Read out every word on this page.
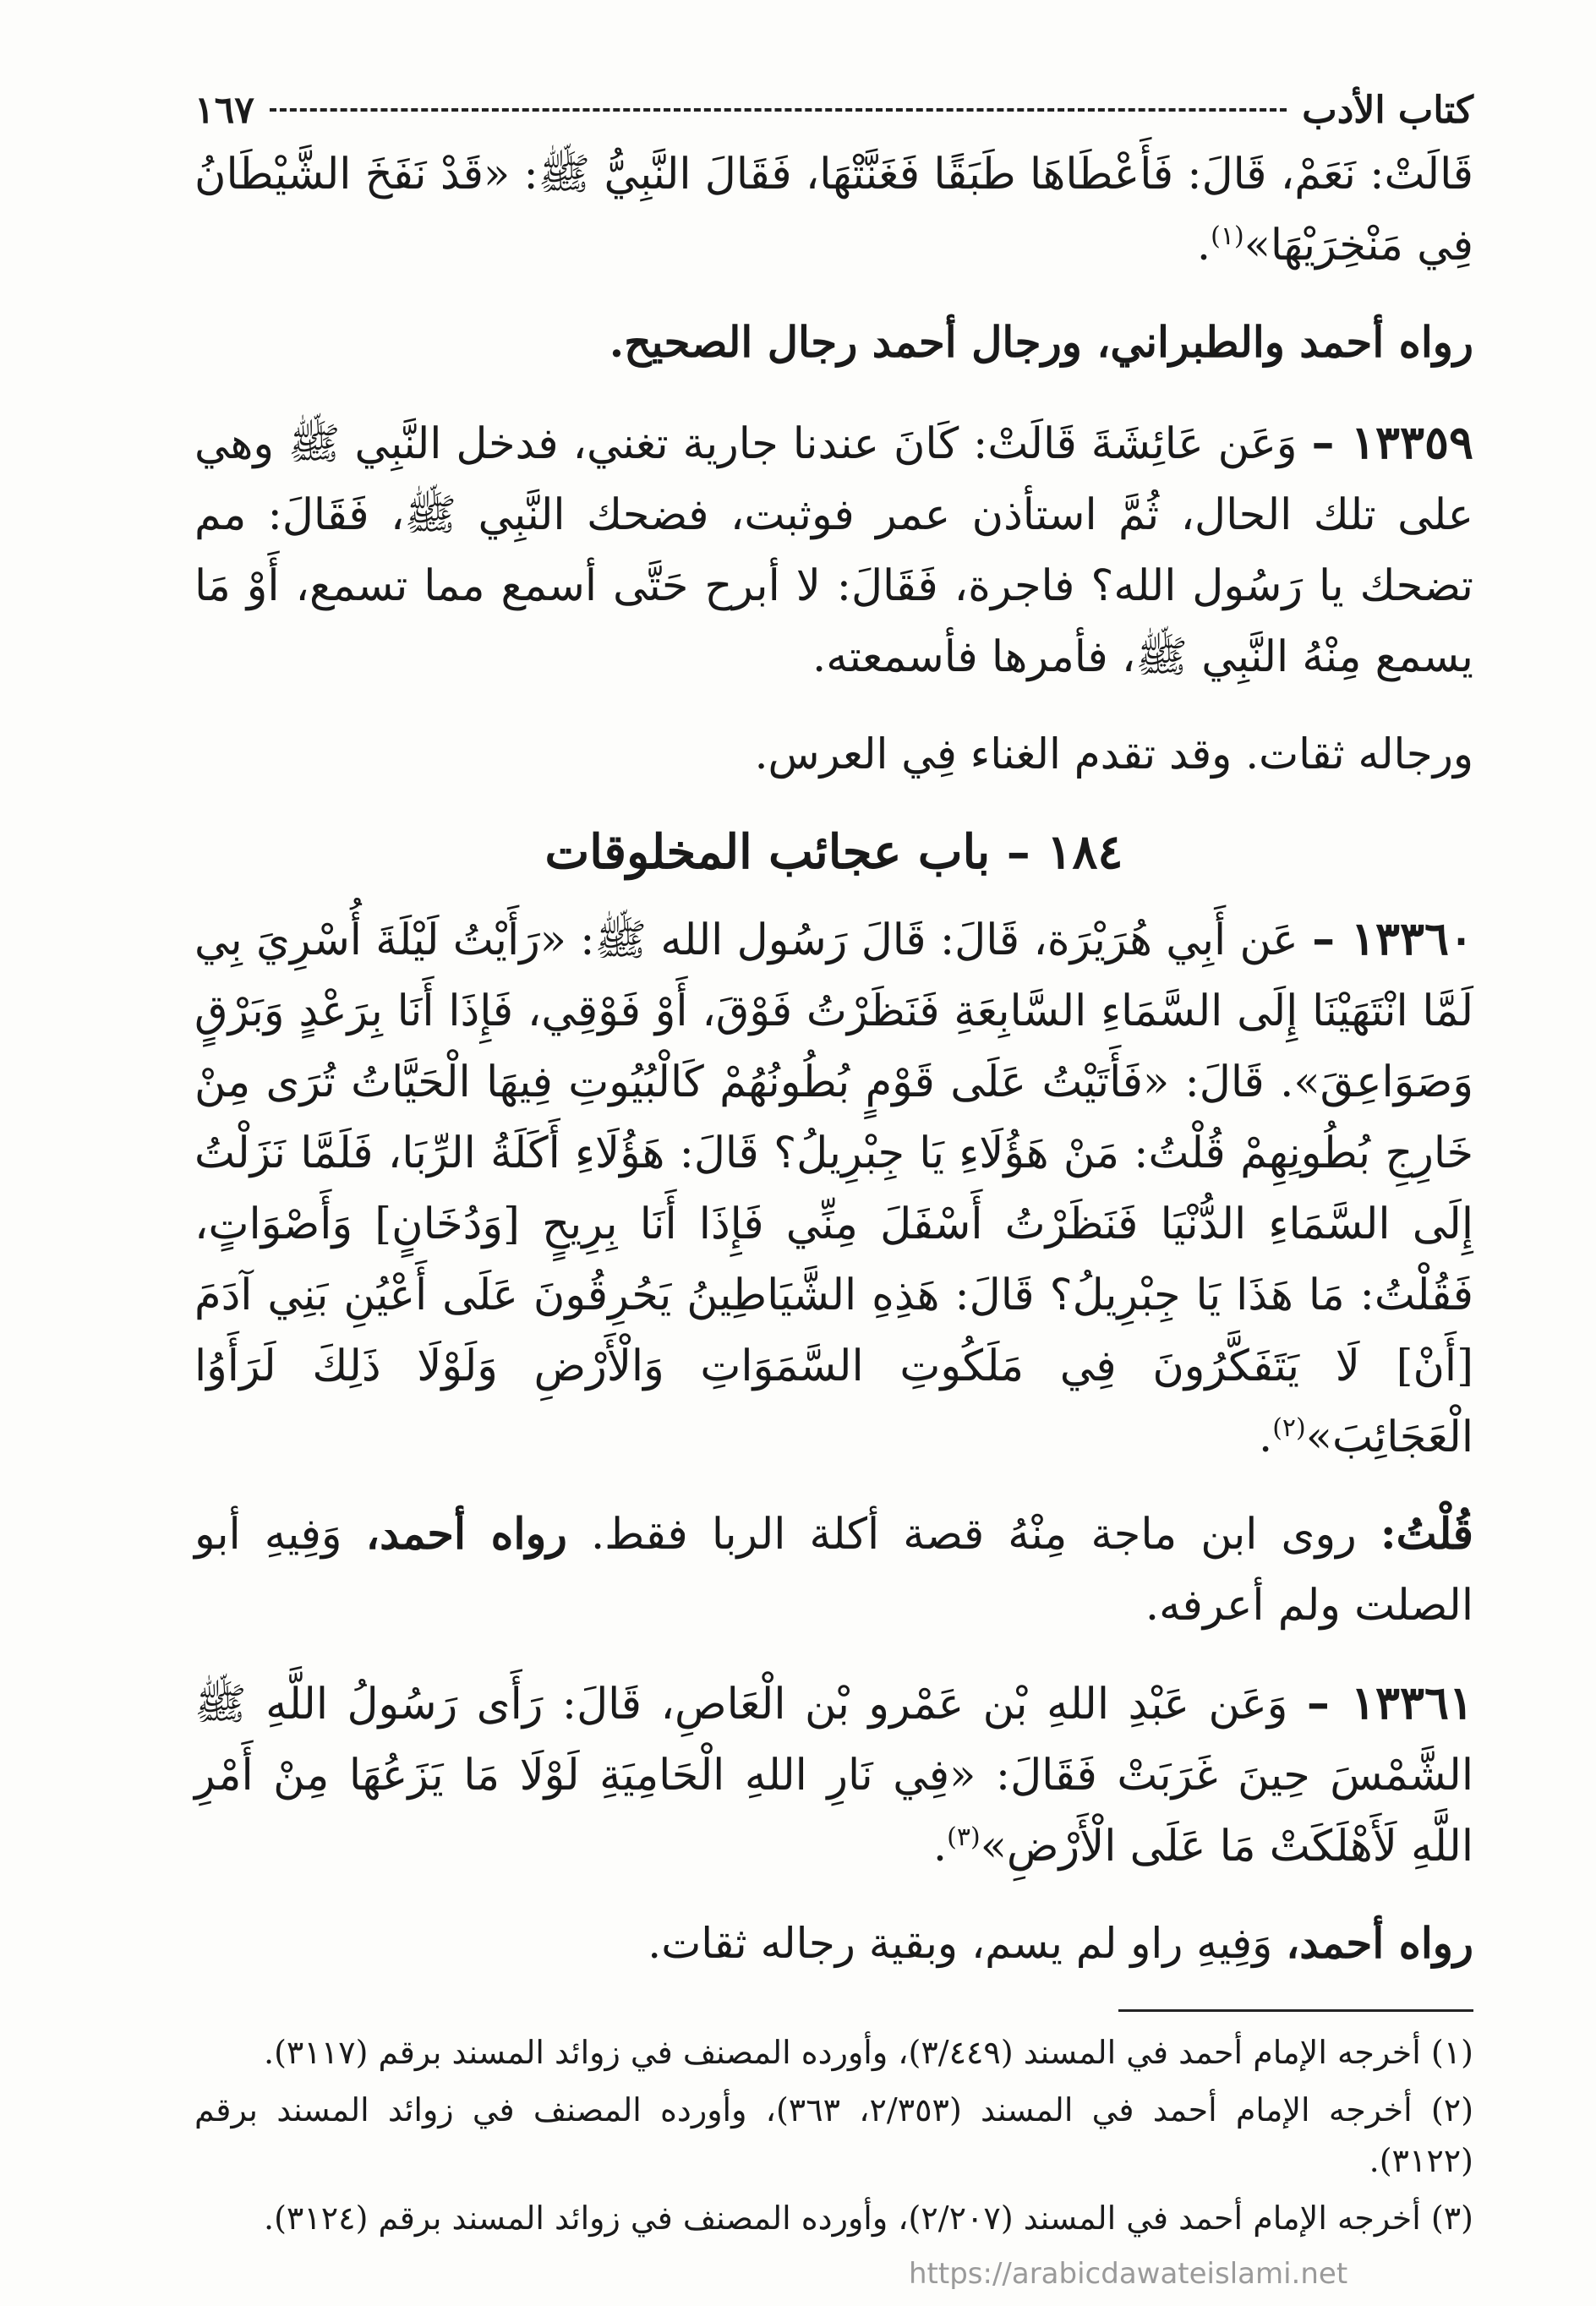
كتاب الأدب
١٦٧

قَالَتْ: نَعَمْ، قَالَ: فَأَعْطَاهَا طَبَقًا فَغَنَّتْهَا، فَقَالَ النَّبِيُّ ﷺ: «قَدْ نَفَخَ الشَّيْطَانُ فِي مَنْخِرَيْهَا»$^{(١)}$.

رواه أحمد والطبراني، ورجال أحمد رجال الصحيح.

١٣٣٥٩ – وَعَن عَائِشَةَ قَالَتْ: كَانَ عندنا جارية تغني، فدخل النَّبِي ﷺ وهي على تلك الحال، ثُمَّ استأذن عمر فوثبت، فضحك النَّبِي ﷺ، فَقَالَ: مم تضحك يا رَسُول الله؟ فاجرة، فَقَالَ: لا أبرح حَتَّى أسمع مما تسمع، أَوْ مَا يسمع مِنْهُ النَّبِي ﷺ، فأمرها فأسمعته.

ورجاله ثقات. وقد تقدم الغناء فِي العرس.

١٨٤ – باب عجائب المخلوقات

١٣٣٦٠ – عَن أَبِي هُرَيْرَة، قَالَ: قَالَ رَسُول الله ﷺ: «رَأَيْتُ لَيْلَةَ أُسْرِيَ بِي لَمَّا انْتَهَيْنَا إِلَى السَّمَاءِ السَّابِعَةِ فَنَظَرْتُ فَوْقَ، أَوْ فَوْقِي، فَإِذَا أَنَا بِرَعْدٍ وَبَرْقٍ وَصَوَاعِقَ». قَالَ: «فَأَتَيْتُ عَلَى قَوْمٍ بُطُونُهُمْ كَالْبُيُوتِ فِيهَا الْحَيَّاتُ تُرَى مِنْ خَارِجِ بُطُونِهِمْ قُلْتُ: مَنْ هَؤُلَاءِ يَا جِبْرِيلُ؟ قَالَ: هَؤُلَاءِ أَكَلَةُ الرِّبَا، فَلَمَّا نَزَلْتُ إِلَى السَّمَاءِ الدُّنْيَا فَنَظَرْتُ أَسْفَلَ مِنِّي فَإِذَا أَنَا بِرِيحٍ [وَدُخَانٍ] وَأَصْوَاتٍ، فَقُلْتُ: مَا هَذَا يَا جِبْرِيلُ؟ قَالَ: هَذِهِ الشَّيَاطِينُ يَحُرِقُونَ عَلَى أَعْيُنِ بَنِي آدَمَ [أَنْ] لَا يَتَفَكَّرُونَ فِي مَلَكُوتِ السَّمَوَاتِ وَالْأَرْضِ وَلَوْلَا ذَلِكَ لَرَأَوُا الْعَجَائِبَ»$^{(٢)}$.

قُلْتُ: روى ابن ماجة مِنْهُ قصة أكلة الربا فقط. رواه أحمد، وَفِيهِ أبو الصلت ولم أعرفه.

١٣٣٦١ – وَعَن عَبْدِ اللهِ بْن عَمْرو بْن الْعَاصِ، قَالَ: رَأَى رَسُولُ اللَّهِ ﷺ الشَّمْسَ حِينَ غَرَبَتْ فَقَالَ: «فِي نَارِ اللهِ الْحَامِيَةِ لَوْلَا مَا يَزَعُهَا مِنْ أَمْرِ اللَّهِ لَأَهْلَكَتْ مَا عَلَى الْأَرْضِ»$^{(٣)}$.

رواه أحمد، وَفِيهِ راو لم يسم، وبقية رجاله ثقات.

(١) أخرجه الإمام أحمد في المسند (٣/٤٤٩)، وأورده المصنف في زوائد المسند برقم (٣١١٧).

(٢) أخرجه الإمام أحمد في المسند (٢/٣٥٣، ٣٦٣)، وأورده المصنف في زوائد المسند برقم (٣١٢٢).

(٣) أخرجه الإمام أحمد في المسند (٢/٢٠٧)، وأورده المصنف في زوائد المسند برقم (٣١٢٤).

https://arabicdawateislami.net
